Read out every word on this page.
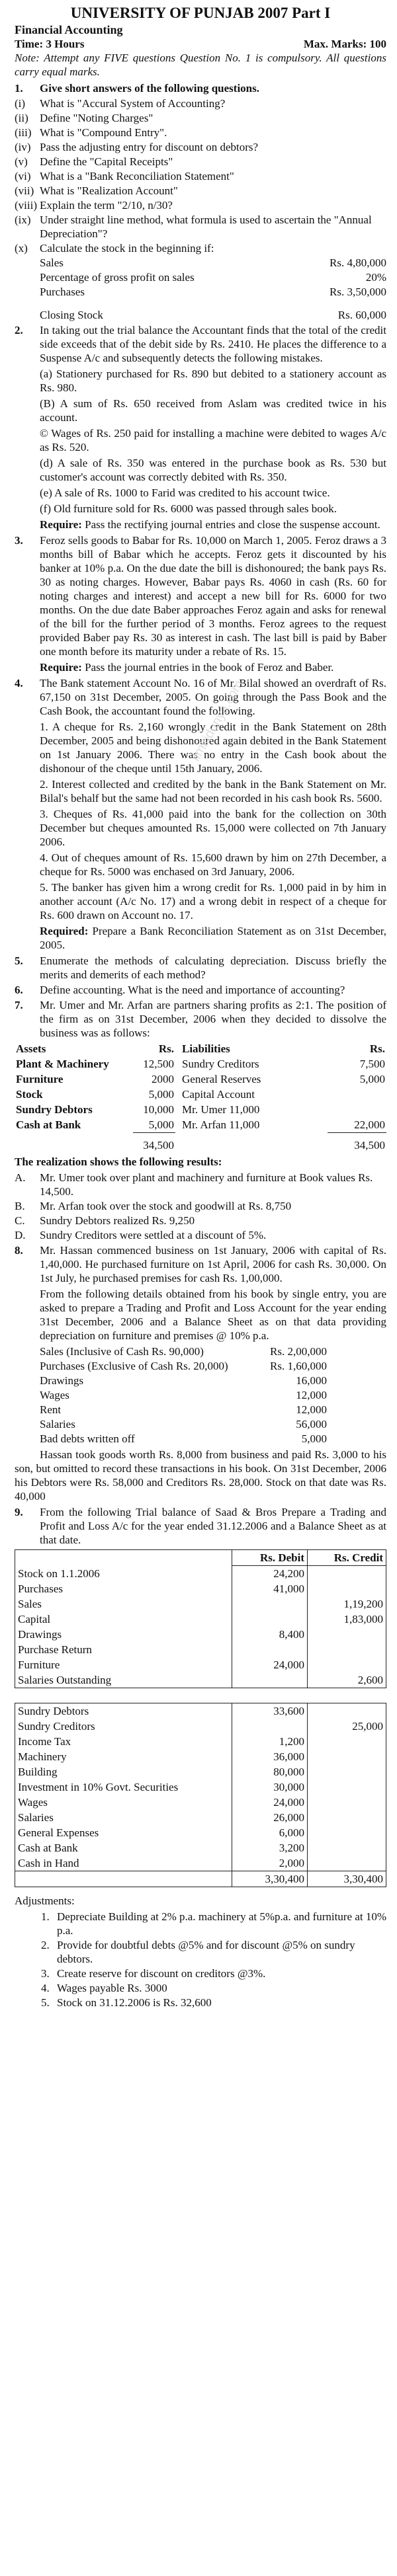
ilmkidunya.com
UNIVERSITY OF PUNJAB 2007 Part I
Financial Accounting
Time: 3 Hours	Max. Marks: 100
Note: Attempt any FIVE questions Question No. 1 is compulsory. All questions carry equal marks.
1.	Give short answers of the following questions.
(i)	What is "Accural System of Accounting?
(ii)	Define "Noting Charges"
(iii) What is "Compound Entry".
(iv) Pass the adjusting entry for discount on debtors?
(v)	Define the "Capital Receipts"
(vi) What is a "Bank Reconciliation Statement"
(vii) What is "Realization Account"
(viii) Explain the term "2/10, n/30?
(ix) Under straight line method, what formula is used to ascertain the "Annual Depreciation"?
(x)	Calculate the stock in the beginning if:
Sales	Rs. 4,80,000
Percentage of gross profit on sales	20%
Purchases	Rs. 3,50,000
Closing Stock	Rs. 60,000
2.	In taking out the trial balance the Accountant finds that the total of the credit side exceeds that of the debit side by Rs. 2410. He places the difference to a Suspense A/c and subsequently detects the following mistakes.
(a) Stationery purchased for Rs. 890 but debited to a stationery account as Rs. 980.
(B) A sum of Rs. 650 received from Aslam was credited twice in his account.
© Wages of Rs. 250 paid for installing a machine were debited to wages A/c as Rs. 520.
(d) A sale of Rs. 350 was entered in the purchase book as Rs. 530 but customer's account was correctly debited with Rs. 350.
(e) A sale of Rs. 1000 to Farid was credited to his account twice.
(f) Old furniture sold for Rs. 6000 was passed through sales book.
Require: Pass the rectifying journal entries and close the suspense account.
3.	Feroz sells goods to Babar for Rs. 10,000 on March 1, 2005. Feroz draws a 3 months bill of Babar which he accepts. Feroz gets it discounted by his banker at 10% p.a. On the due date the bill is dishonoured; the bank pays Rs. 30 as noting charges. However, Babar pays Rs. 4060 in cash (Rs. 60 for noting charges and interest) and accept a new bill for Rs. 6000 for two months. On the due date Baber approaches Feroz again and asks for renewal of the bill for the further period of 3 months. Feroz agrees to the request provided Baber pay Rs. 30 as interest in cash. The last bill is paid by Baber one month before its maturity under a rebate of Rs. 15.
Require: Pass the journal entries in the book of Feroz and Baber.
4.	The Bank statement Account No. 16 of Mr. Bilal showed an overdraft of Rs. 67,150 on 31st December, 2005. On going through the Pass Book and the Cash Book, the accountant found the following.
1. A cheque for Rs. 2,160 wrongly credit in the Bank Statement on 28th December, 2005 and being dishonoured again debited in the Bank Statement on 1st January 2006. There was no entry in the Cash book about the dishonour of the cheque until 15th January, 2006.
2. Interest collected and credited by the bank in the Bank Statement on Mr. Bilal's behalf but the same had not been recorded in his cash book Rs. 5600.
3. Cheques of Rs. 41,000 paid into the bank for the collection on 30th December but cheques amounted Rs. 15,000 were collected on 7th January 2006.
4. Out of cheques amount of Rs. 15,600 drawn by him on 27th December, a cheque for Rs. 5000 was enchased on 3rd January, 2006.
5. The banker has given him a wrong credit for Rs. 1,000 paid in by him in another account (A/c No. 17) and a wrong debit in respect of a cheque for Rs. 600 drawn on Account no. 17.
Required: Prepare a Bank Reconciliation Statement as on 31st December, 2005.
5.	Enumerate the methods of calculating depreciation. Discuss briefly the merits and demerits of each method?
6.	Define accounting. What is the need and importance of accounting?
7.	Mr. Umer and Mr. Arfan are partners sharing profits as 2:1. The position of the firm as on 31st December, 2006 when they decided to dissolve the business was as follows:
Assets	Rs.	Liabilities	Rs.
Plant & Machinery	12,500	Sundry Creditors	7,500
Furniture	2000	General Reserves	5,000
Stock	5,000	Capital Account	
Sundry Debtors	10,000	Mr. Umer 11,000	
Cash at Bank	5,000	Mr. Arfan 11,000	22,000
	34,500		34,500
The realization shows the following results:
A.	Mr. Umer took over plant and machinery and furniture at Book values Rs. 14,500.
B.	Mr. Arfan took over the stock and goodwill at Rs. 8,750
C.	Sundry Debtors realized Rs. 9,250
D.	Sundry Creditors were settled at a discount of 5%.
8.	Mr. Hassan commenced business on 1st January, 2006 with capital of Rs. 1,40,000. He purchased furniture on 1st April, 2006 for cash Rs. 30,000. On 1st July, he purchased premises for cash Rs. 1,00,000.
From the following details obtained from his book by single entry, you are asked to prepare a Trading and Profit and Loss Account for the year ending 31st December, 2006 and a Balance Sheet as on that data providing depreciation on furniture and premises @ 10% p.a.
Sales (Inclusive of Cash Rs. 90,000)	Rs. 2,00,000
Purchases (Exclusive of Cash Rs. 20,000)	Rs. 1,60,000
Drawings	16,000
Wages	12,000
Rent	12,000
Salaries	56,000
Bad debts written off	5,000
Hassan took goods worth Rs. 8,000 from business and paid Rs. 3,000 to his son, but omitted to record these transactions in his book. On 31st December, 2006 his Debtors were Rs. 58,000 and Creditors Rs. 28,000. Stock on that date was Rs. 40,000
9.	From the following Trial balance of Saad & Bros Prepare a Trading and Profit and Loss A/c for the year ended 31.12.2006 and a Balance Sheet as at that date.
	Rs. Debit	Rs. Credit
Stock on 1.1.2006	24,200	
Purchases	41,000	
Sales		1,19,200
Capital		1,83,000
Drawings	8,400	
Purchase Return		
Furniture	24,000	
Salaries Outstanding		2,600
Sundry Debtors	33,600	
Sundry Creditors		25,000
Income Tax	1,200	
Machinery	36,000	
Building	80,000	
Investment in 10% Govt. Securities	30,000	
Wages	24,000	
Salaries	26,000	
General Expenses	6,000	
Cash at Bank	3,200	
Cash in Hand	2,000	
	3,30,400	3,30,400
Adjustments:
1. Depreciate Building at 2% p.a. machinery at 5%p.a. and furniture at 10% p.a.
2. Provide for doubtful debts @5% and for discount @5% on sundry debtors.
3. Create reserve for discount on creditors @3%.
4. Wages payable Rs. 3000
5. Stock on 31.12.2006 is Rs. 32,600
